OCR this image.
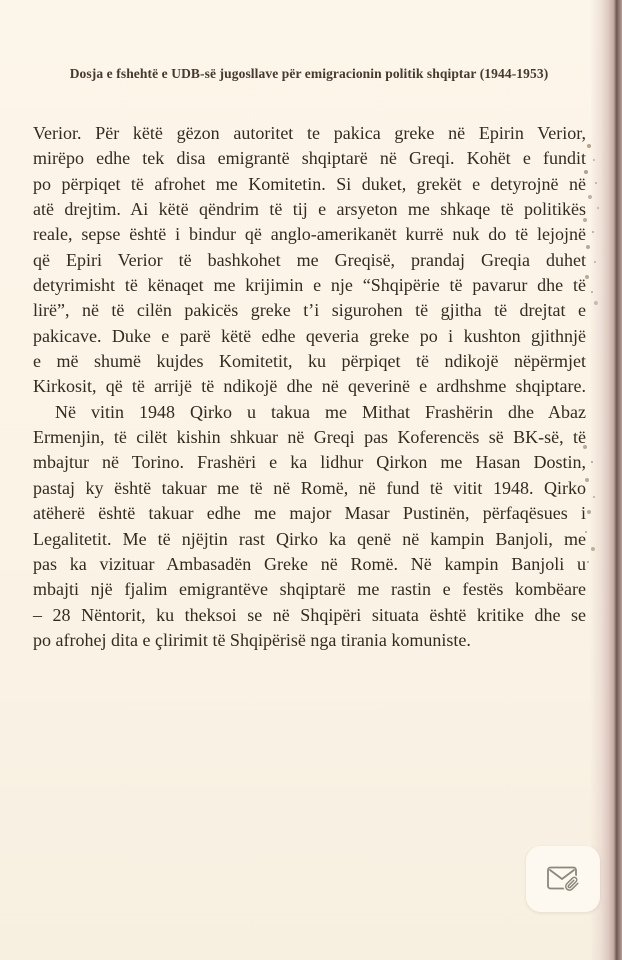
Dosja e fshehtë e UDB-së jugosllave për emigracionin politik shqiptar (1944-1953)
Verior. Për këtë gëzon autoritet te pakica greke në Epirin Verior,
mirëpo edhe tek disa emigrantë shqiptarë në Greqi. Kohët e fundit
po përpiqet të afrohet me Komitetin. Si duket, grekët e detyrojnë në
atë drejtim. Ai këtë qëndrim të tij e arsyeton me shkaqe të politikës
reale, sepse është i bindur që anglo-amerikanët kurrë nuk do të lejojnë
që Epiri Verior të bashkohet me Greqisë, prandaj Greqia duhet
detyrimisht të kënaqet me krijimin e nje “Shqipërie të pavarur dhe të
lirë”, në të cilën pakicës greke t’i sigurohen të gjitha të drejtat e
pakicave. Duke e parë këtë edhe qeveria greke po i kushton gjithnjë
e më shumë kujdes Komitetit, ku përpiqet të ndikojë nëpërmjet
Kirkosit, që të arrijë të ndikojë dhe në qeverinë e ardhshme shqiptare.
Në vitin 1948 Qirko u takua me Mithat Frashërin dhe Abaz
Ermenjin, të cilët kishin shkuar në Greqi pas Koferencës së BK-së, të
mbajtur në Torino. Frashëri e ka lidhur Qirkon me Hasan Dostin,
pastaj ky është takuar me të në Romë, në fund të vitit 1948. Qirko
atëherë është takuar edhe me major Masar Pustinën, përfaqësues i
Legalitetit. Me të njëjtin rast Qirko ka qenë në kampin Banjoli, me
pas ka vizituar Ambasadën Greke në Romë. Në kampin Banjoli u
mbajti një fjalim emigrantëve shqiptarë me rastin e festës kombëare
– 28 Nëntorit, ku theksoi se në Shqipëri situata është kritike dhe se
po afrohej dita e çlirimit të Shqipërisë nga tirania komuniste.
